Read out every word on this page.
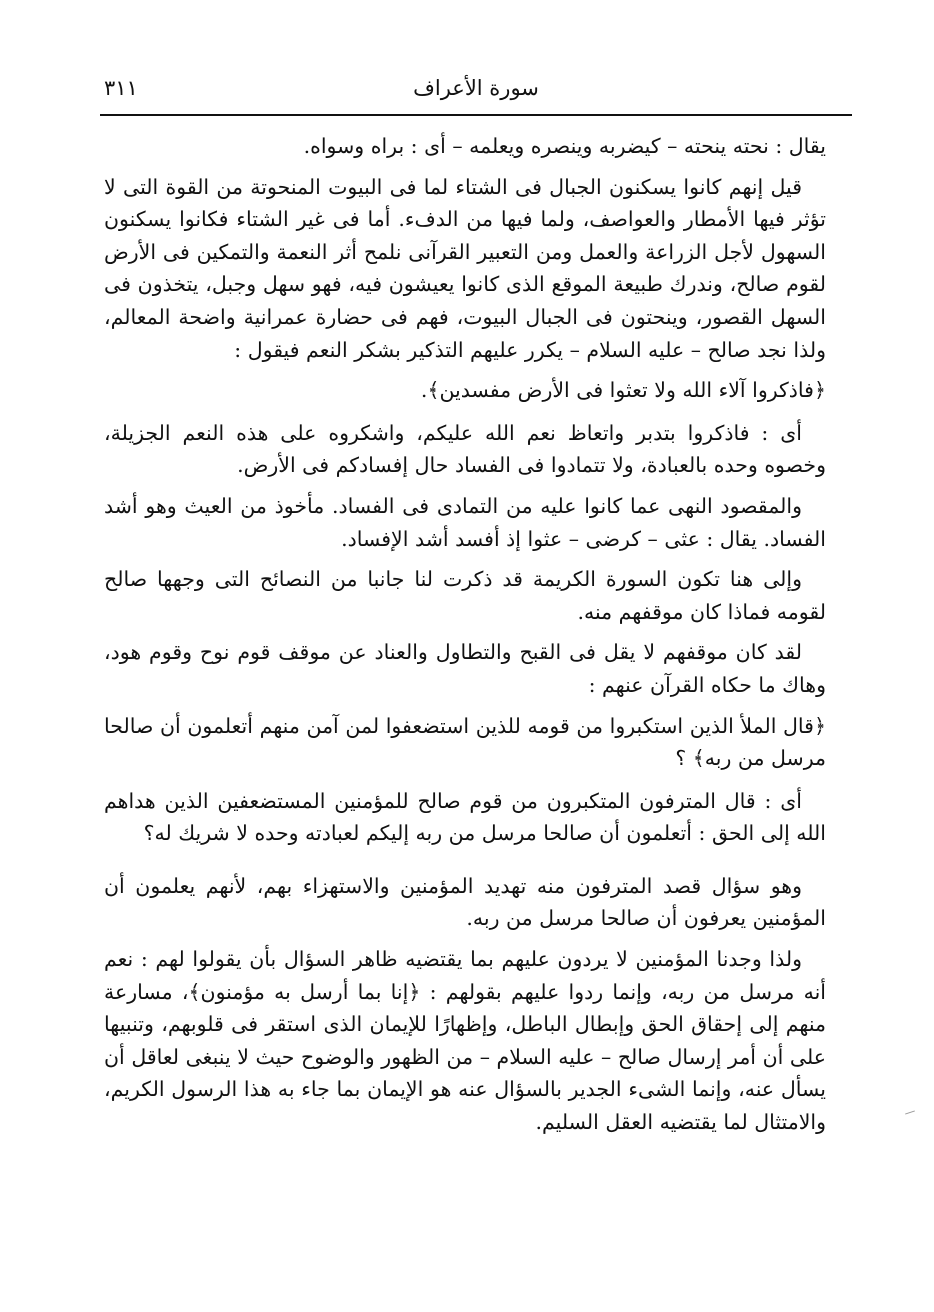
سورة الأعراف
٣١١

يقال : نحته ينحته – كيضربه وينصره ويعلمه – أى : براه وسواه.

قيل إنهم كانوا يسكنون الجبال فى الشتاء لما فى البيوت المنحوتة من القوة التى لا تؤثر فيها الأمطار والعواصف، ولما فيها من الدفء. أما فى غير الشتاء فكانوا يسكنون السهول لأجل الزراعة والعمل ومن التعبير القرآنى نلمح أثر النعمة والتمكين فى الأرض لقوم صالح، وندرك طبيعة الموقع الذى كانوا يعيشون فيه، فهو سهل وجبل، يتخذون فى السهل القصور، وينحتون فى الجبال البيوت، فهم فى حضارة عمرانية واضحة المعالم، ولذا نجد صالح – عليه السلام – يكرر عليهم التذكير بشكر النعم فيقول :

﴿فاذكروا آلاء الله ولا تعثوا فى الأرض مفسدين﴾.

أى : فاذكروا بتدبر واتعاظ نعم الله عليكم، واشكروه على هذه النعم الجزيلة، وخصوه وحده بالعبادة، ولا تتمادوا فى الفساد حال إفسادكم فى الأرض.

والمقصود النهى عما كانوا عليه من التمادى فى الفساد. مأخوذ من العيث وهو أشد الفساد. يقال : عثى – كرضى – عثوا إذ أفسد أشد الإفساد.

وإلى هنا تكون السورة الكريمة قد ذكرت لنا جانبا من النصائح التى وجهها صالح لقومه فماذا كان موقفهم منه.

لقد كان موقفهم لا يقل فى القبح والتطاول والعناد عن موقف قوم نوح وقوم هود، وهاك ما حكاه القرآن عنهم :

﴿قال الملأ الذين استكبروا من قومه للذين استضعفوا لمن آمن منهم أتعلمون أن صالحا مرسل من ربه﴾ ؟

أى : قال المترفون المتكبرون من قوم صالح للمؤمنين المستضعفين الذين هداهم الله إلى الحق : أتعلمون أن صالحا مرسل من ربه إليكم لعبادته وحده لا شريك له؟

وهو سؤال قصد المترفون منه تهديد المؤمنين والاستهزاء بهم، لأنهم يعلمون أن المؤمنين يعرفون أن صالحا مرسل من ربه.

ولذا وجدنا المؤمنين لا يردون عليهم بما يقتضيه ظاهر السؤال بأن يقولوا لهم : نعم أنه مرسل من ربه، وإنما ردوا عليهم بقولهم : ﴿إنا بما أرسل به مؤمنون﴾، مسارعة منهم إلى إحقاق الحق وإبطال الباطل، وإظهارًا للإيمان الذى استقر فى قلوبهم، وتنبيها على أن أمر إرسال صالح – عليه السلام – من الظهور والوضوح حيث لا ينبغى لعاقل أن يسأل عنه، وإنما الشىء الجدير بالسؤال عنه هو الإيمان بما جاء به هذا الرسول الكريم، والامتثال لما يقتضيه العقل السليم.
